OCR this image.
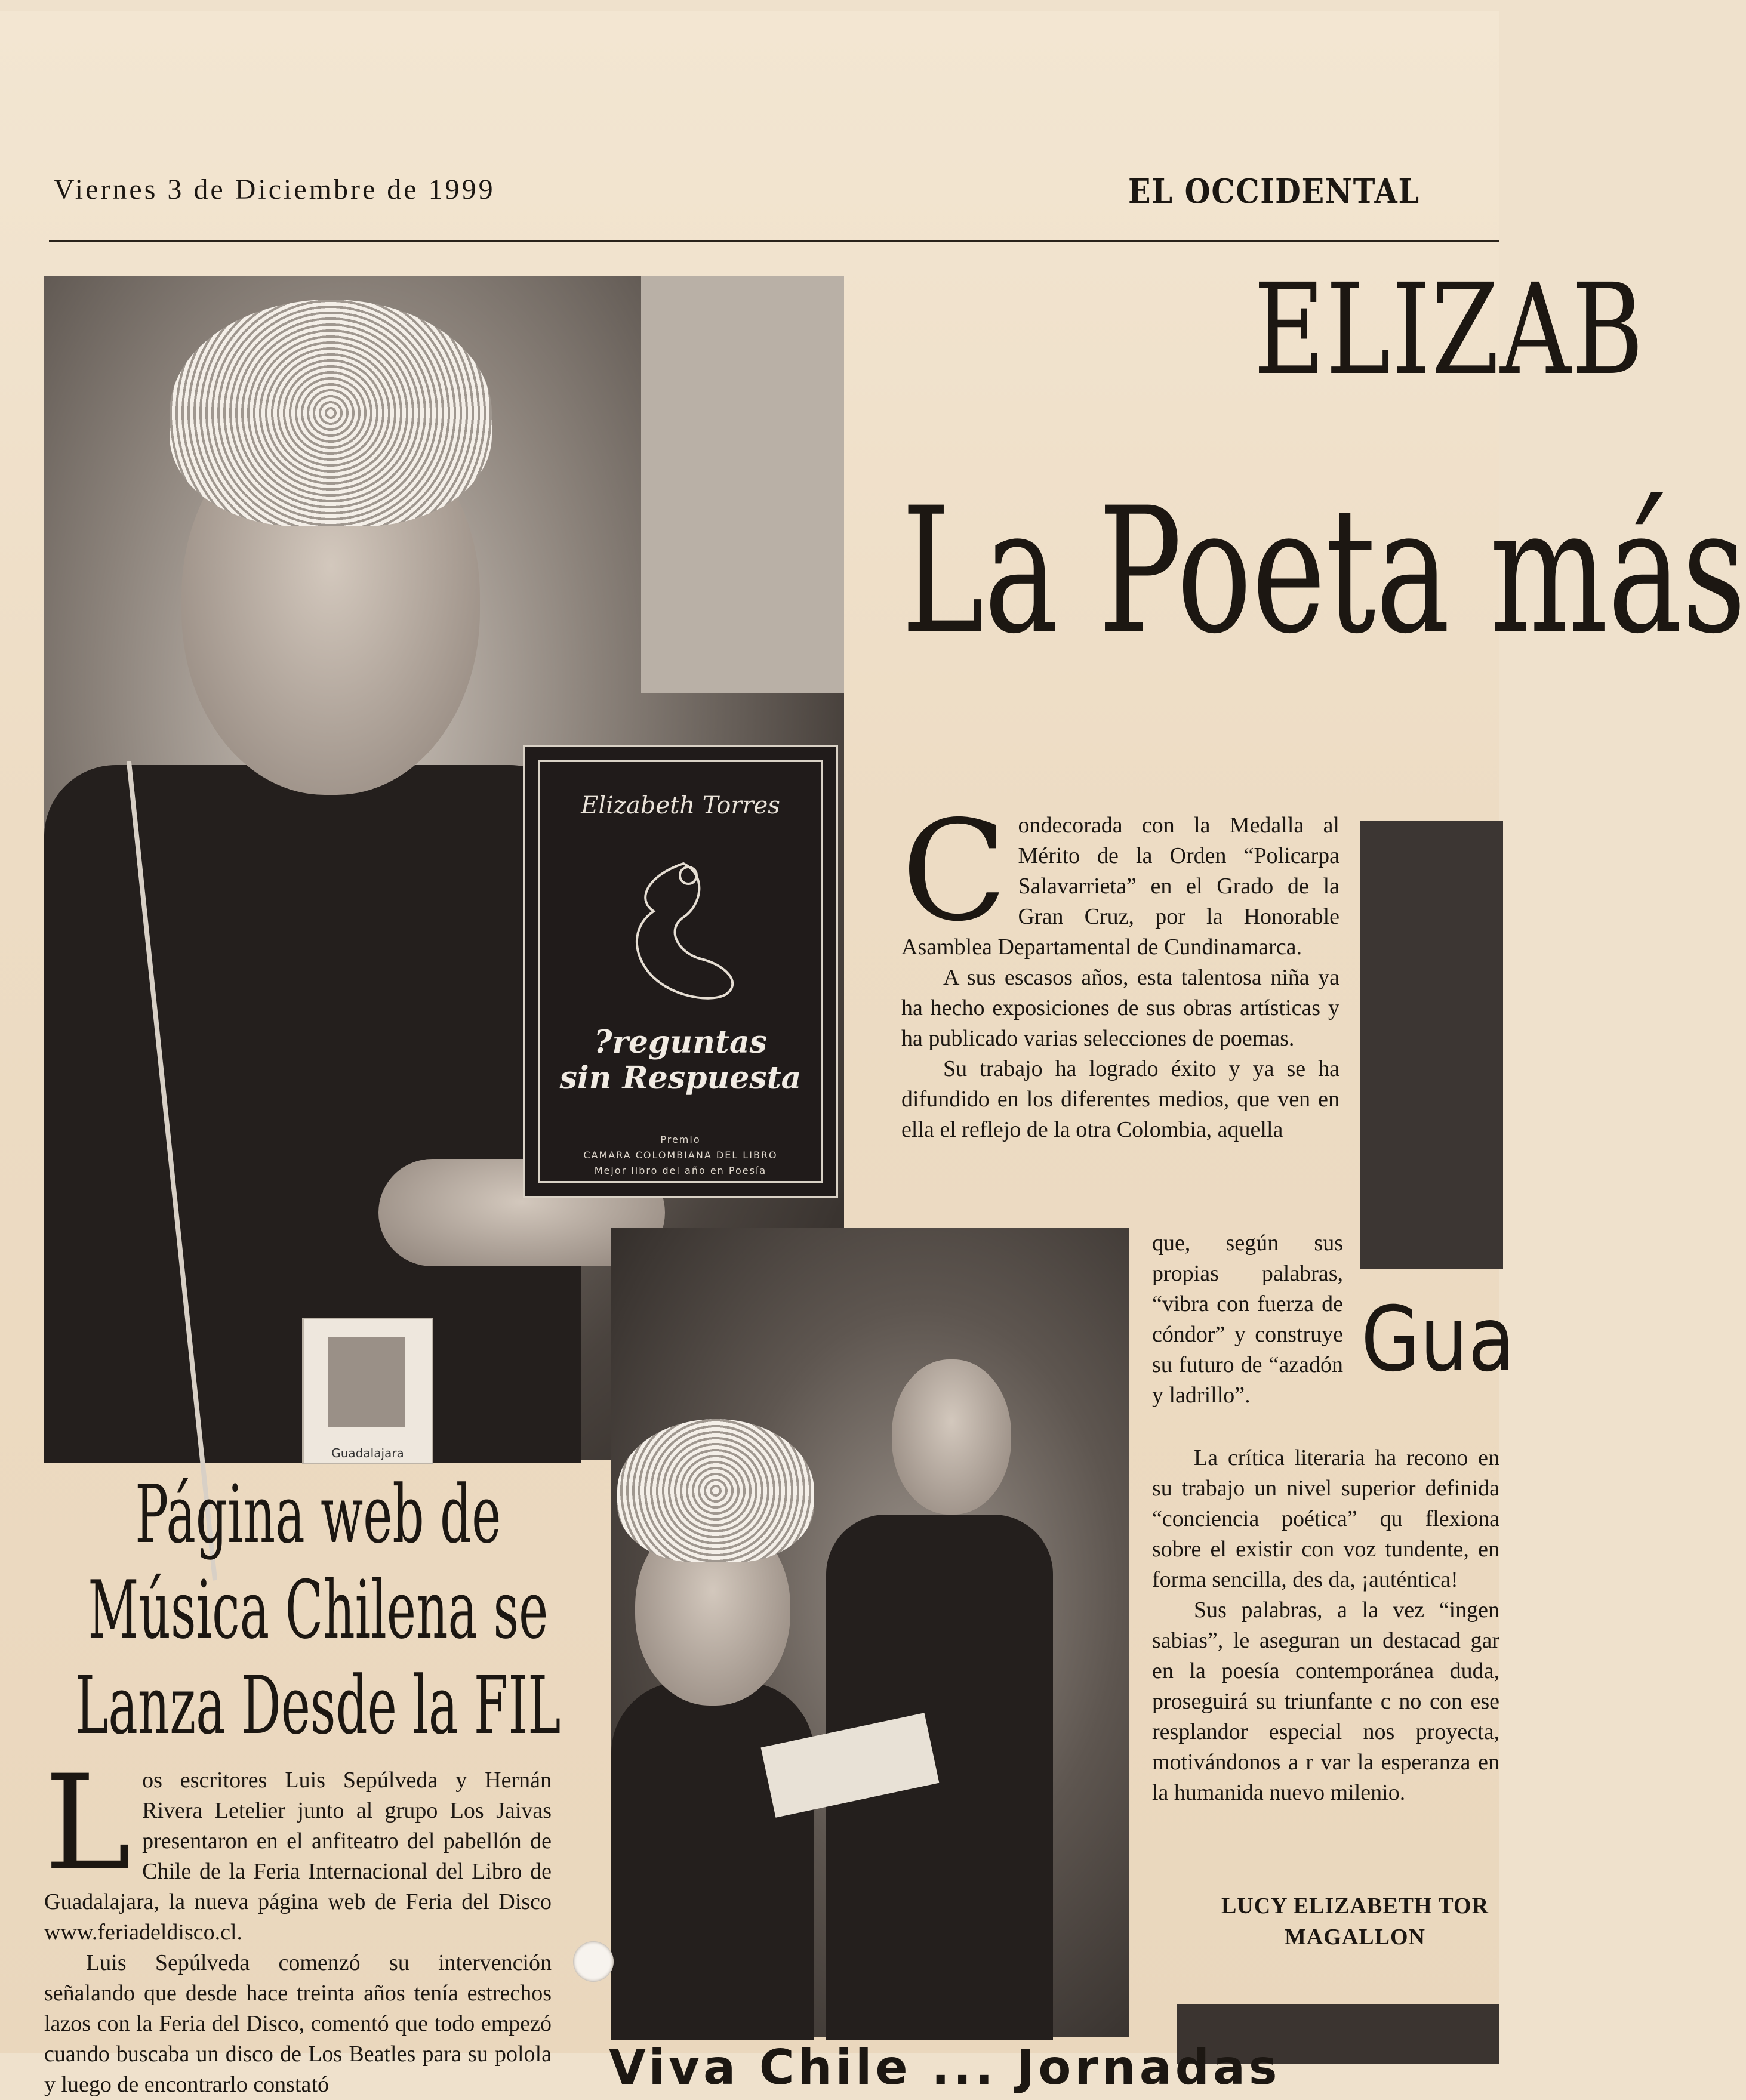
Viernes 3 de Diciembre de 1999	EL OCCIDENTAL
Elizabeth Torres
?reguntas
sin Respuesta
Premio
CAMARA COLOMBIANA DEL LIBRO
Mejor libro del año en Poesía
Guadalajara
ELIZAB
La Poeta más

Condecorada con la Medalla al Mérito de la Orden “Policarpa Salavarrieta” en el Grado de la Gran Cruz, por la Honorable Asamblea Departamental de Cundinamarca.

A sus escasos años, esta talentosa niña ya ha hecho exposiciones de sus obras artísticas y ha publicado varias selecciones de poemas.

Su trabajo ha logrado éxito y ya se ha difundido en los diferentes medios, que ven en ella el reflejo de la otra Colombia, aquella

Gua

que, según sus propias palabras, “vibra con fuerza de cóndor” y construye su futuro de “azadón y ladrillo”.

La crítica literaria ha recono en su trabajo un nivel superior definida “conciencia poética” qu flexiona sobre el existir con voz tundente, en forma sencilla, des da, ¡auténtica!

Sus palabras, a la vez “ingen sabias”, le aseguran un destacad gar en la poesía contemporánea duda, proseguirá su triunfante c no con ese resplandor especial nos proyecta, motivándonos a r var la esperanza en la humanida nuevo milenio.

LUCY ELIZABETH TOR
MAGALLON
Página web de Música Chilena se Lanza Desde la FIL

Los escritores Luis Sepúlveda y Hernán Rivera Letelier junto al grupo Los Jaivas presentaron en el anfiteatro del pabellón de Chile de la Feria Internacional del Libro de Guadalajara, la nueva página web de Feria del Disco www.feriadeldisco.cl.

Luis Sepúlveda comenzó su intervención señalando que desde hace treinta años tenía estrechos lazos con la Feria del Disco, comentó que todo empezó cuando buscaba un disco de Los Beatles para su polola y luego de encontrarlo constató	Viva Chile ... Jornadas
